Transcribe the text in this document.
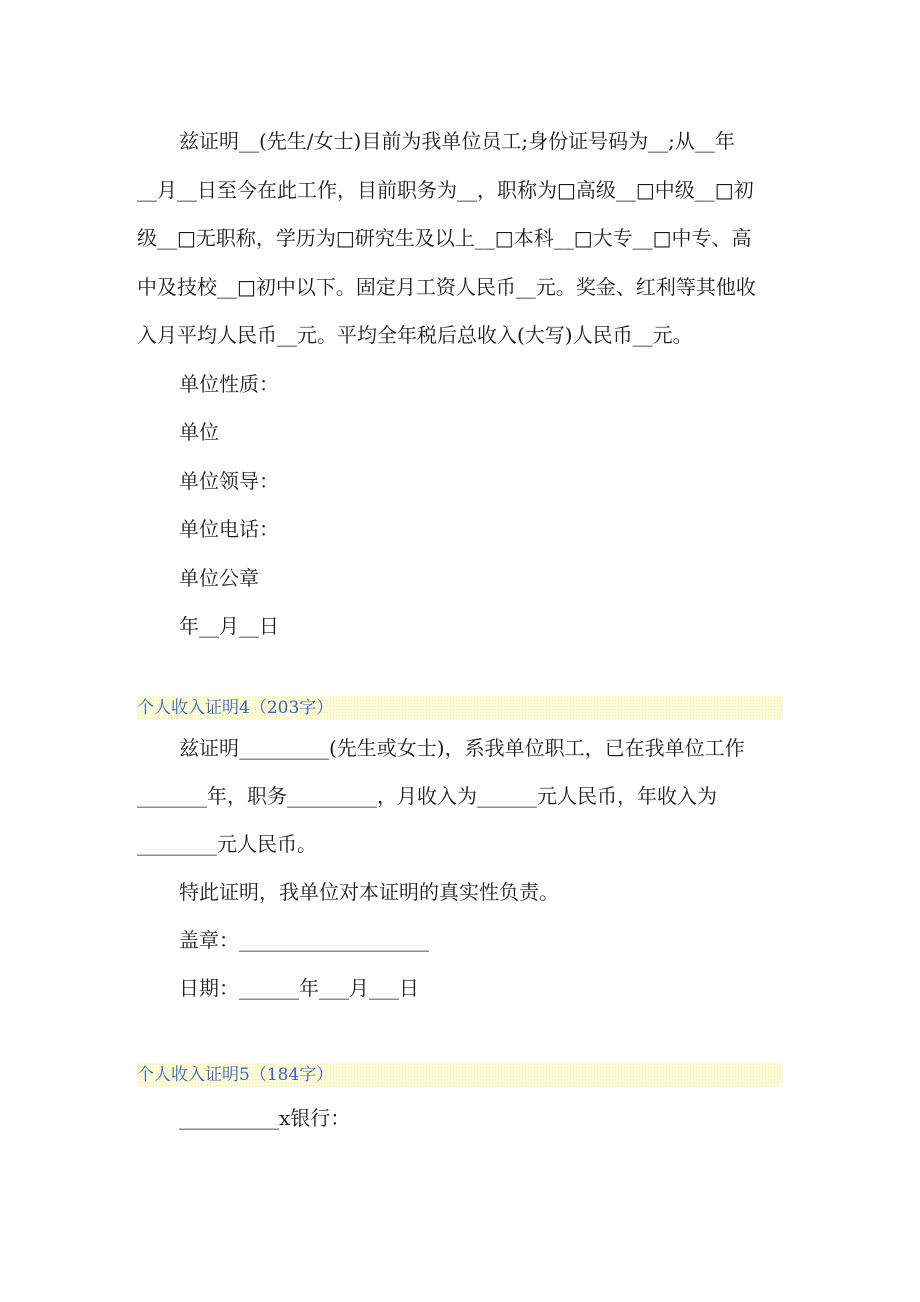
兹证明__(先生/女士)目前为我单位员工;身份证号码为__;从__年

__月__日至今在此工作，目前职务为__，职称为□高级__□中级__□初

级__□无职称，学历为□研究生及以上__□本科__□大专__□中专、高

中及技校__□初中以下。固定月工资人民币__元。奖金、红利等其他收

入月平均人民币__元。平均全年税后总收入(大写)人民币__元。

单位性质：

单位

单位领导：

单位电话：

单位公章

年__月__日

个人收入证明4（203字）

兹证明_________(先生或女士)，系我单位职工，已在我单位工作

_______年，职务_________，月收入为______元人民币，年收入为

________元人民币。

特此证明，我单位对本证明的真实性负责。

盖章：___________________

日期：______年___月___日

个人收入证明5（184字）

__________x银行：
